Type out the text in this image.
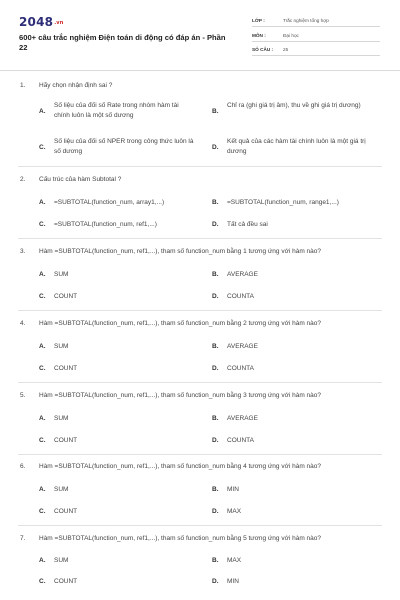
2048.vn
600+ câu trắc nghiệm Điện toán di động có đáp án - Phần 22
LỚP :	Trắc nghiệm tổng hợp
MÔN :	Đại học
SỐ CÂU : 25
1. Hãy chọn nhận định sai ?
A.
Số liệu của đối số Rate trong nhóm hàm tài chính luôn là một số dương
B.
Chỉ ra (ghi giá trị âm), thu về ghi giá trị dương)
C.
Số liệu của đối số NPER trong công thức luôn là số dương
D.
Kết quả của các hàm tài chính luôn là một giá trị dương
2. Cấu trúc của hàm Subtotal ?
A. =SUBTOTAL(function_num, array1,...)	B. =SUBTOTAL(function_num, range1,...)
C. =SUBTOTAL(function_num, ref1,...)	D. Tất cả đều sai
3. Hàm =SUBTOTAL(function_num, ref1,...), tham số function_num bằng 1 tương ứng với hàm nào?
A. SUM	B. AVERAGE
C. COUNT	D. COUNTA
4. Hàm =SUBTOTAL(function_num, ref1,...), tham số function_num bằng 2 tương ứng với hàm nào?
A. SUM	B. AVERAGE
C. COUNT	D. COUNTA
5. Hàm =SUBTOTAL(function_num, ref1,...), tham số function_num bằng 3 tương ứng với hàm nào?
A. SUM	B. AVERAGE
C. COUNT	D. COUNTA
6. Hàm =SUBTOTAL(function_num, ref1,...), tham số function_num bằng 4 tương ứng với hàm nào?
A. SUM	B. MIN
C. COUNT	D. MAX
7. Hàm =SUBTOTAL(function_num, ref1,...), tham số function_num bằng 5 tương ứng với hàm nào?
A. SUM	B. MAX
C. COUNT	D. MIN
